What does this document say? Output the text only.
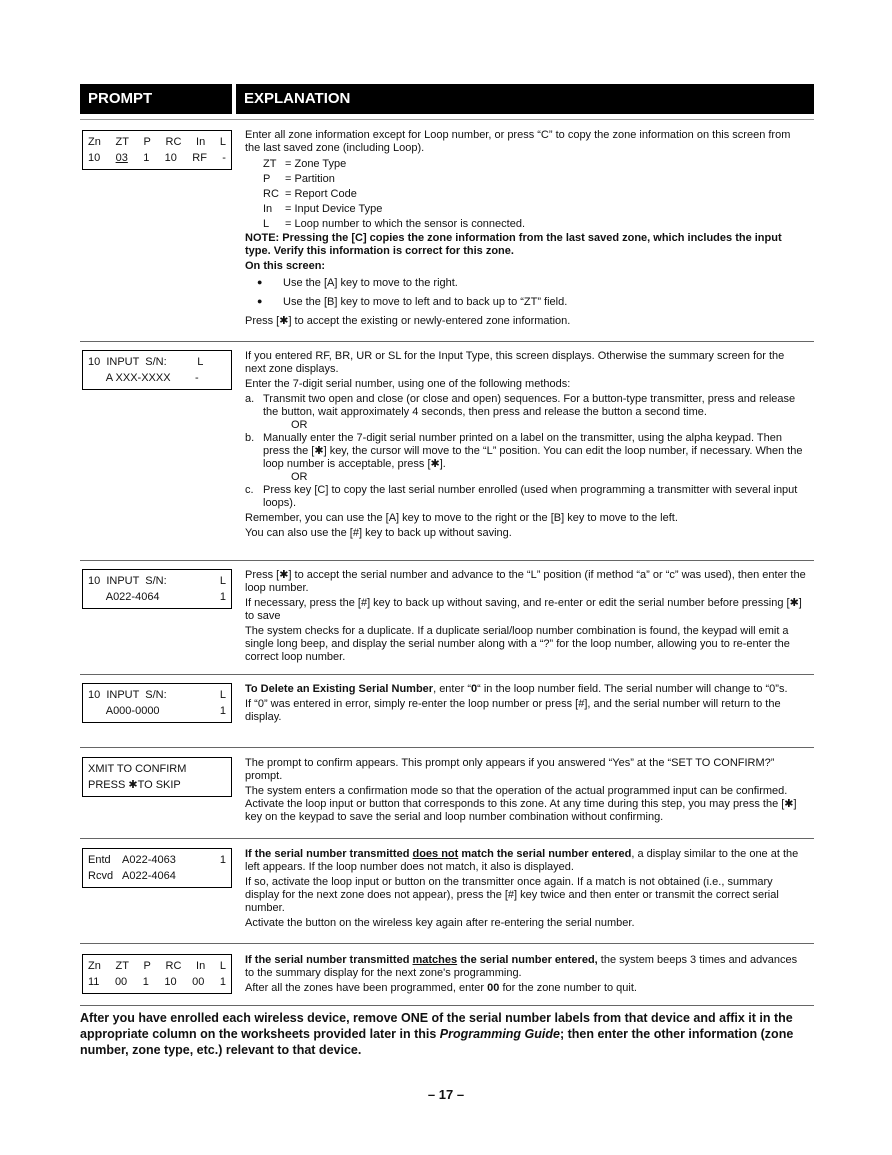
PROMPT	EXPLANATION
Zn ZT P RC In L
10 03 1 10 RF -

Enter all zone information except for Loop number, or press “C” to copy the zone information on this screen from the last saved zone (including Loop).

ZT = Zone Type
P = Partition
RC = Report Code
In = Input Device Type
L = Loop number to which the sensor is connected.

NOTE: Pressing the [C] copies the zone information from the last saved zone, which includes the input type. Verify this information is correct for this zone.

On this screen:

● Use the [A] key to move to the right.
● Use the [B] key to move to left and to back up to “ZT” field.

Press [✱] to accept the existing or newly-entered zone information.

10  INPUT  S/N:          L
A XXX-XXXX        -

If you entered RF, BR, UR or SL for the Input Type, this screen displays. Otherwise the summary screen for the next zone displays.

Enter the 7-digit serial number, using one of the following methods:

a. Transmit two open and close (or close and open) sequences. For a button-type transmitter, press and release the button, wait approximately 4 seconds, then press and release the button a second time.
OR
b. Manually enter the 7-digit serial number printed on a label on the transmitter, using the alpha keypad. Then press the [✱] key, the cursor will move to the “L” position. You can edit the loop number, if necessary. When the loop number is acceptable, press [✱].
OR
c. Press key [C] to copy the last serial number enrolled (used when programming a transmitter with several input loops).

Remember, you can use the [A] key to move to the right or the [B] key to move to the left.

You can also use the [#] key to back up without saving.

10  INPUT  S/N:	L
A022-4064	1

Press [✱] to accept the serial number and advance to the “L” position (if method “a” or “c” was used), then enter the loop number.

If necessary, press the [#] key to back up without saving, and re-enter or edit the serial number before pressing [✱] to save

The system checks for a duplicate. If a duplicate serial/loop number combination is found, the keypad will emit a single long beep, and display the serial number along with a “?” for the loop number, allowing you to re-enter the correct loop number.

10  INPUT  S/N:	L
A000-0000	1

To Delete an Existing Serial Number, enter “0“ in the loop number field. The serial number will change to “0”s.

If “0” was entered in error, simply re-enter the loop number or press [#], and the serial number will return to the display.

XMIT TO CONFIRM
PRESS ✱TO SKIP

The prompt to confirm appears. This prompt only appears if you answered “Yes” at the “SET TO CONFIRM?” prompt.

The system enters a confirmation mode so that the operation of the actual programmed input can be confirmed. Activate the loop input or button that corresponds to this zone. At any time during this step, you may press the [✱] key on the keypad to save the serial and loop number combination without confirming.

Entd	A022-4063	1
Rcvd A022-4064

If the serial number transmitted does not match the serial number entered, a display similar to the one at the left appears. If the loop number does not match, it also is displayed.

If so, activate the loop input or button on the transmitter once again. If a match is not obtained (i.e., summary display for the next zone does not appear), press the [#] key twice and then enter or transmit the correct serial number.

Activate the button on the wireless key again after re-entering the serial number.

Zn ZT P RC In L
11 00 1 10 00 1

If the serial number transmitted matches the serial number entered, the system beeps 3 times and advances to the summary display for the next zone's programming.

After all the zones have been programmed, enter 00 for the zone number to quit.

After you have enrolled each wireless device, remove ONE of the serial number labels from that device and affix it in the appropriate column on the worksheets provided later in this Programming Guide; then enter the other information (zone number, zone type, etc.) relevant to that device.
– 17 –
